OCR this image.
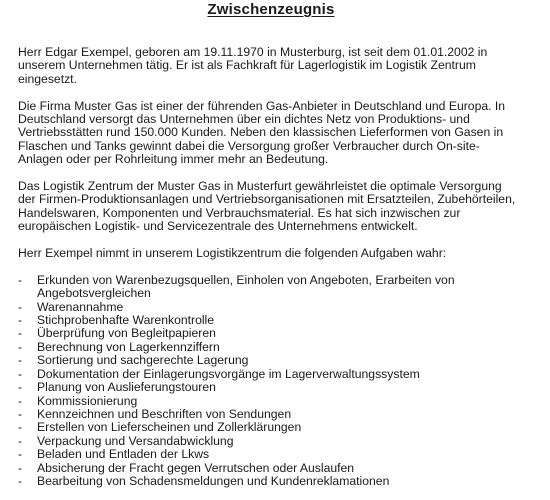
Zwischenzeugnis

Herr Edgar Exempel, geboren am 19.11.1970 in Musterburg, ist seit dem 01.01.2002 in unserem Unternehmen tätig. Er ist als Fachkraft für Lagerlogistik im Logistik Zentrum eingesetzt.

Die Firma Muster Gas ist einer der führenden Gas-Anbieter in Deutschland und Europa. In Deutschland versorgt das Unternehmen über ein dichtes Netz von Produktions- und Vertriebsstätten rund 150.000 Kunden. Neben den klassischen Lieferformen von Gasen in Flaschen und Tanks gewinnt dabei die Versorgung großer Verbraucher durch On-site-Anlagen oder per Rohrleitung immer mehr an Bedeutung.

Das Logistik Zentrum der Muster Gas in Musterfurt gewährleistet die optimale Versorgung der Firmen-Produktionsanlagen und Vertriebsorganisationen mit Ersatzteilen, Zubehörteilen, Handelswaren, Komponenten und Verbrauchsmaterial. Es hat sich inzwischen zur europäischen Logistik- und Servicezentrale des Unternehmens entwickelt.

Herr Exempel nimmt in unserem Logistikzentrum die folgenden Aufgaben wahr:

- Erkunden von Warenbezugsquellen, Einholen von Angeboten, Erarbeiten von Angebotsvergleichen
- Warenannahme
- Stichprobenhafte Warenkontrolle
- Überprüfung von Begleitpapieren
- Berechnung von Lagerkennziffern
- Sortierung und sachgerechte Lagerung
- Dokumentation der Einlagerungsvorgänge im Lagerverwaltungssystem
- Planung von Auslieferungstouren
- Kommissionierung
- Kennzeichnen und Beschriften von Sendungen
- Erstellen von Lieferscheinen und Zollerklärungen
- Verpackung und Versandabwicklung
- Beladen und Entladen der Lkws
- Absicherung der Fracht gegen Verrutschen oder Auslaufen
- Bearbeitung von Schadensmeldungen und Kundenreklamationen
